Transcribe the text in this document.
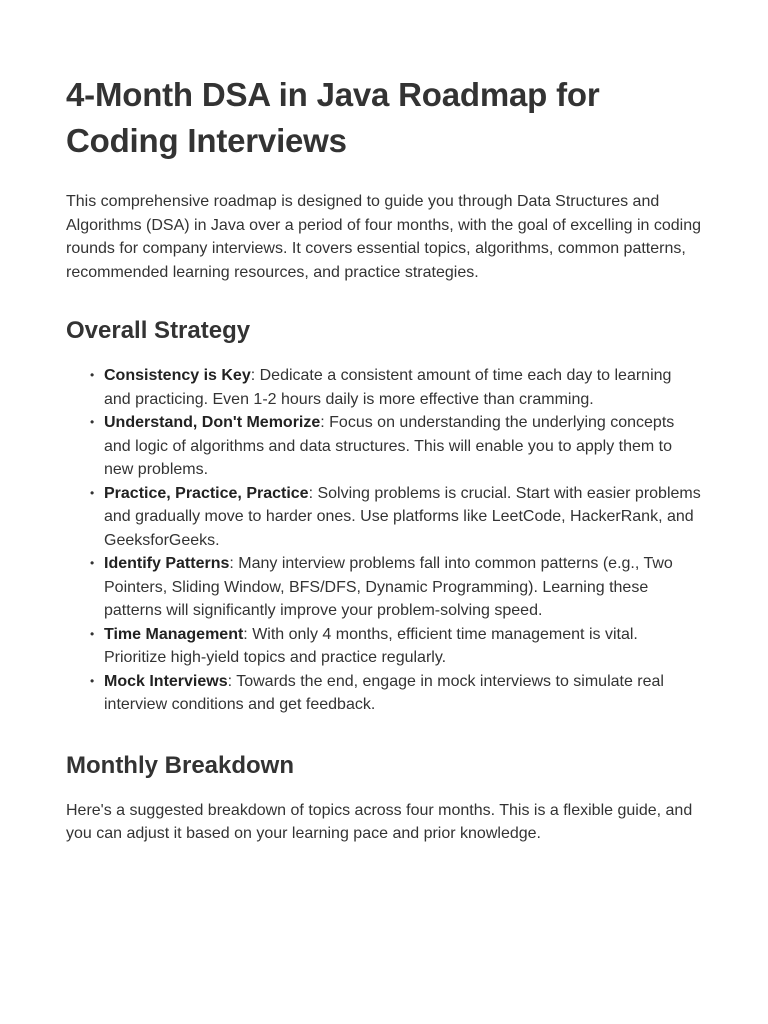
4-Month DSA in Java Roadmap for Coding Interviews

This comprehensive roadmap is designed to guide you through Data Structures and Algorithms (DSA) in Java over a period of four months, with the goal of excelling in coding rounds for company interviews. It covers essential topics, algorithms, common patterns, recommended learning resources, and practice strategies.

Overall Strategy
• Consistency is Key: Dedicate a consistent amount of time each day to learning and practicing. Even 1-2 hours daily is more effective than cramming.
• Understand, Don't Memorize: Focus on understanding the underlying concepts and logic of algorithms and data structures. This will enable you to apply them to new problems.
• Practice, Practice, Practice: Solving problems is crucial. Start with easier problems and gradually move to harder ones. Use platforms like LeetCode, HackerRank, and GeeksforGeeks.
• Identify Patterns: Many interview problems fall into common patterns (e.g., Two Pointers, Sliding Window, BFS/DFS, Dynamic Programming). Learning these patterns will significantly improve your problem-solving speed.
• Time Management: With only 4 months, efficient time management is vital. Prioritize high-yield topics and practice regularly.
• Mock Interviews: Towards the end, engage in mock interviews to simulate real interview conditions and get feedback.
Monthly Breakdown

Here's a suggested breakdown of topics across four months. This is a flexible guide, and you can adjust it based on your learning pace and prior knowledge.
